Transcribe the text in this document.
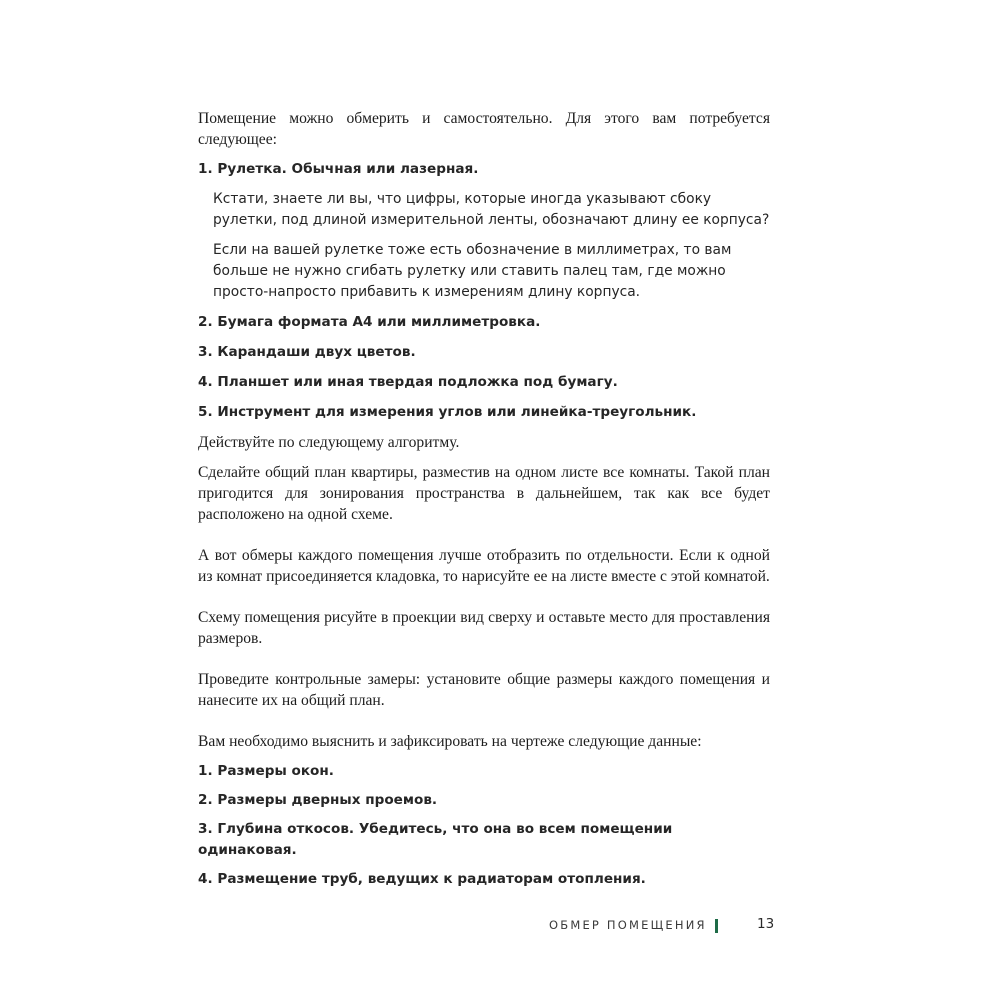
Помещение можно обмерить и самостоятельно. Для этого вам потребуется следующее:

1. Рулетка. Обычная или лазерная.

Кстати, знаете ли вы, что цифры, которые иногда указывают сбоку рулетки, под длиной измерительной ленты, обозначают длину ее корпуса?

Если на вашей рулетке тоже есть обозначение в миллиметрах, то вам больше не нужно сгибать рулетку или ставить палец там, где можно просто-напросто прибавить к измерениям длину корпуса.

2. Бумага формата А4 или миллиметровка.

3. Карандаши двух цветов.

4. Планшет или иная твердая подложка под бумагу.

5. Инструмент для измерения углов или линейка-треугольник.

Действуйте по следующему алгоритму.

Сделайте общий план квартиры, разместив на одном листе все комнаты. Такой план пригодится для зонирования пространства в дальнейшем, так как все будет расположено на одной схеме.

А вот обмеры каждого помещения лучше отобразить по отдельности. Если к одной из комнат присоединяется кладовка, то нарисуйте ее на листе вместе с этой комнатой.

Схему помещения рисуйте в проекции вид сверху и оставьте место для проставления размеров.

Проведите контрольные замеры: установите общие размеры каждого помещения и нанесите их на общий план.

Вам необходимо выяснить и зафиксировать на чертеже следующие данные:

1. Размеры окон.

2. Размеры дверных проемов.

3. Глубина откосов. Убедитесь, что она во всем помещении одинаковая.

4. Размещение труб, ведущих к радиаторам отопления.

ОБМЕР ПОМЕЩЕНИЯ	13
